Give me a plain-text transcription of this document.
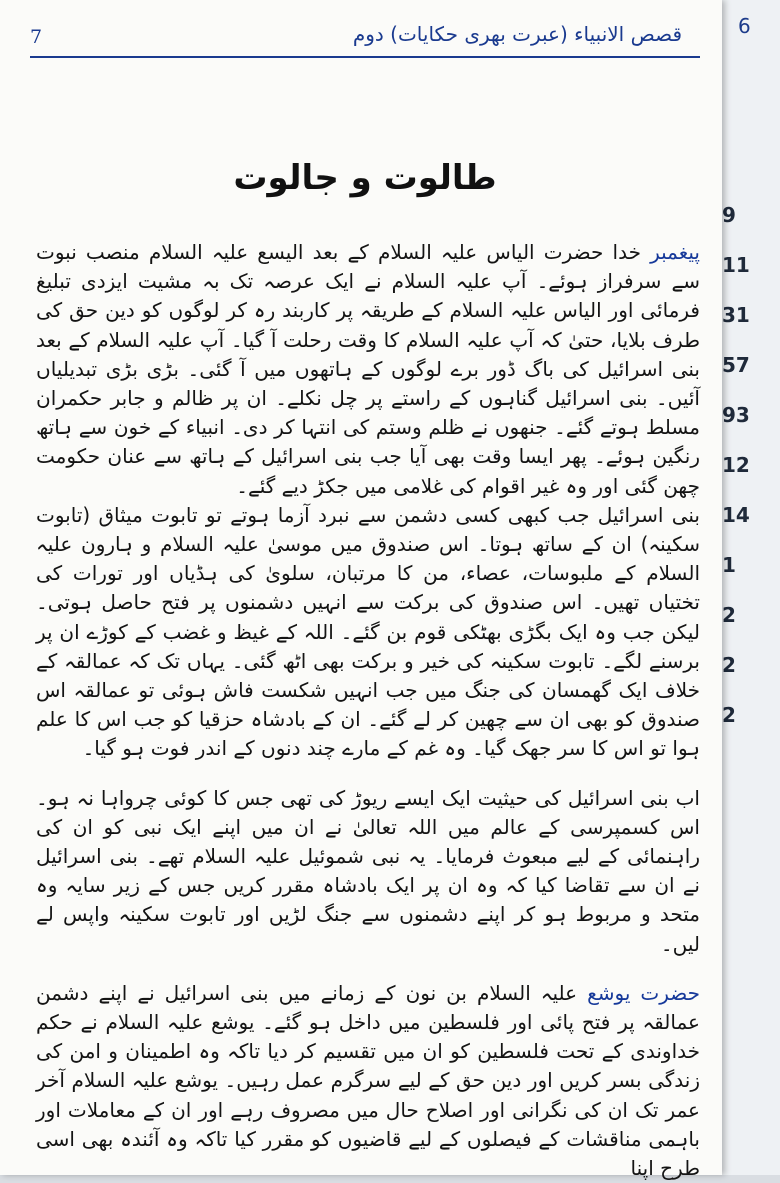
6
9
11
31
57
93
12
14
1
2
2
2
قصص الانبیاء (عبرت بھری حکایات) دوم
7
طالوت و جالوت

پیغمبر خدا حضرت الیاس علیہ السلام کے بعد الیسع علیہ السلام منصب نبوت سے سرفراز ہوئے۔ آپ علیہ السلام نے ایک عرصہ تک بہ مشیت ایزدی تبلیغ فرمائی اور الیاس علیہ السلام کے طریقہ پر کاربند رہ کر لوگوں کو دین حق کی طرف بلایا، حتیٰ کہ آپ علیہ السلام کا وقت رحلت آ گیا۔ آپ علیہ السلام کے بعد بنی اسرائیل کی باگ ڈور برے لوگوں کے ہاتھوں میں آ گئی۔ بڑی بڑی تبدیلیاں آئیں۔ بنی اسرائیل گناہوں کے راستے پر چل نکلے۔ ان پر ظالم و جابر حکمران مسلط ہوتے گئے۔ جنھوں نے ظلم وستم کی انتہا کر دی۔ انبیاء کے خون سے ہاتھ رنگین ہوئے۔ پھر ایسا وقت بھی آیا جب بنی اسرائیل کے ہاتھ سے عنان حکومت چھن گئی اور وہ غیر اقوام کی غلامی میں جکڑ دیے گئے۔

بنی اسرائیل جب کبھی کسی دشمن سے نبرد آزما ہوتے تو تابوت میثاق (تابوت سکینہ) ان کے ساتھ ہوتا۔ اس صندوق میں موسیٰ علیہ السلام و ہارون علیہ السلام کے ملبوسات، عصاء، من کا مرتبان، سلویٰ کی ہڈیاں اور تورات کی تختیاں تھیں۔ اس صندوق کی برکت سے انہیں دشمنوں پر فتح حاصل ہوتی۔ لیکن جب وہ ایک بگڑی بھٹکی قوم بن گئے۔ اللہ کے غیظ و غضب کے کوڑے ان پر برسنے لگے۔ تابوت سکینہ کی خیر و برکت بھی اٹھ گئی۔ یہاں تک کہ عمالقہ کے خلاف ایک گھمسان کی جنگ میں جب انہیں شکست فاش ہوئی تو عمالقہ اس صندوق کو بھی ان سے چھین کر لے گئے۔ ان کے بادشاہ حزقیا کو جب اس کا علم ہوا تو اس کا سر جھک گیا۔ وہ غم کے مارے چند دنوں کے اندر فوت ہو گیا۔

اب بنی اسرائیل کی حیثیت ایک ایسے ریوڑ کی تھی جس کا کوئی چرواہا نہ ہو۔ اس کسمپرسی کے عالم میں اللہ تعالیٰ نے ان میں اپنے ایک نبی کو ان کی راہنمائی کے لیے مبعوث فرمایا۔ یہ نبی شموئیل علیہ السلام تھے۔ بنی اسرائیل نے ان سے تقاضا کیا کہ وہ ان پر ایک بادشاہ مقرر کریں جس کے زیر سایہ وہ متحد و مربوط ہو کر اپنے دشمنوں سے جنگ لڑیں اور تابوت سکینہ واپس لے لیں۔

حضرت یوشع علیہ السلام بن نون کے زمانے میں بنی اسرائیل نے اپنے دشمن عمالقہ پر فتح پائی اور فلسطین میں داخل ہو گئے۔ یوشع علیہ السلام نے حکم خداوندی کے تحت فلسطین کو ان میں تقسیم کر دیا تاکہ وہ اطمینان و امن کی زندگی بسر کریں اور دین حق کے لیے سرگرم عمل رہیں۔ یوشع علیہ السلام آخر عمر تک ان کی نگرانی اور اصلاح حال میں مصروف رہے اور ان کے معاملات اور باہمی مناقشات کے فیصلوں کے لیے قاضیوں کو مقرر کیا تاکہ وہ آئندہ بھی اسی طرح اپنا
